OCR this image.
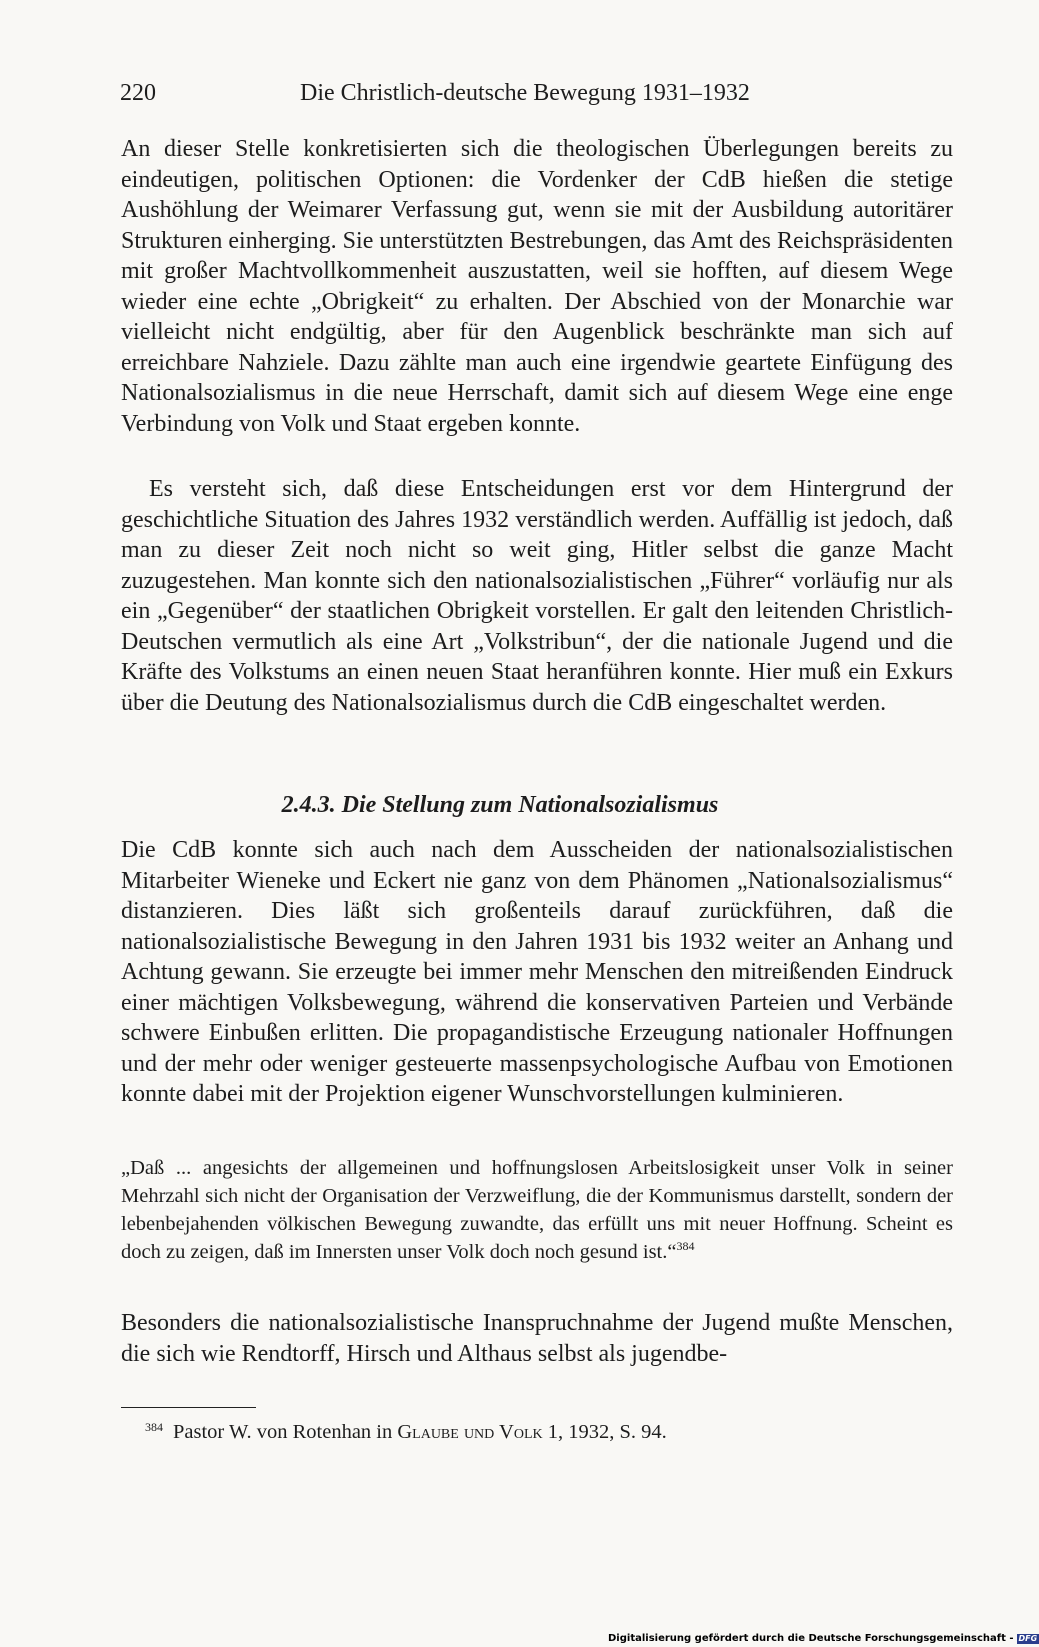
220	Die Christlich-deutsche Bewegung 1931–1932

An dieser Stelle konkretisierten sich die theologischen Überlegungen bereits zu eindeutigen, politischen Optionen: die Vordenker der CdB hießen die stetige Aushöhlung der Weimarer Verfassung gut, wenn sie mit der Ausbildung autoritärer Strukturen einherging. Sie unterstützten Bestrebungen, das Amt des Reichspräsidenten mit großer Machtvollkommenheit auszustatten, weil sie hofften, auf diesem Wege wieder eine echte „Obrigkeit“ zu erhalten. Der Abschied von der Monarchie war vielleicht nicht endgültig, aber für den Augenblick beschränkte man sich auf erreichbare Nahziele. Dazu zählte man auch eine irgendwie geartete Einfügung des Nationalsozialismus in die neue Herrschaft, damit sich auf diesem Wege eine enge Verbindung von Volk und Staat ergeben konnte.

Es versteht sich, daß diese Entscheidungen erst vor dem Hintergrund der geschichtliche Situation des Jahres 1932 verständlich werden. Auffällig ist jedoch, daß man zu dieser Zeit noch nicht so weit ging, Hitler selbst die ganze Macht zuzugestehen. Man konnte sich den nationalsozialistischen „Führer“ vorläufig nur als ein „Gegenüber“ der staatlichen Obrigkeit vorstellen. Er galt den leitenden Christlich-Deutschen vermutlich als eine Art „Volkstribun“, der die nationale Jugend und die Kräfte des Volkstums an einen neuen Staat heranführen konnte. Hier muß ein Exkurs über die Deutung des Nationalsozialismus durch die CdB eingeschaltet werden.

2.4.3. Die Stellung zum Nationalsozialismus

Die CdB konnte sich auch nach dem Ausscheiden der nationalsozialistischen Mitarbeiter Wieneke und Eckert nie ganz von dem Phänomen „Nationalsozialismus“ distanzieren. Dies läßt sich großenteils darauf zurückführen, daß die nationalsozialistische Bewegung in den Jahren 1931 bis 1932 weiter an Anhang und Achtung gewann. Sie erzeugte bei immer mehr Menschen den mitreißenden Eindruck einer mächtigen Volksbewegung, während die konservativen Parteien und Verbände schwere Einbußen erlitten. Die propagandistische Erzeugung nationaler Hoffnungen und der mehr oder weniger gesteuerte massenpsychologische Aufbau von Emotionen konnte dabei mit der Projektion eigener Wunschvorstellungen kulminieren.

„Daß ... angesichts der allgemeinen und hoffnungslosen Arbeitslosigkeit unser Volk in seiner Mehrzahl sich nicht der Organisation der Verzweiflung, die der Kommunismus darstellt, sondern der lebenbejahenden völkischen Bewegung zuwandte, das erfüllt uns mit neuer Hoffnung. Scheint es doch zu zeigen, daß im Innersten unser Volk doch noch gesund ist.“$^{384}$

Besonders die nationalsozialistische Inanspruchnahme der Jugend mußte Menschen, die sich wie Rendtorff, Hirsch und Althaus selbst als jugendbe-

$^{384}$ Pastor W. von Rotenhan in Glaube und Volk 1, 1932, S. 94.

Digitalisierung gefördert durch die Deutsche Forschungsgemeinschaft - DFG
